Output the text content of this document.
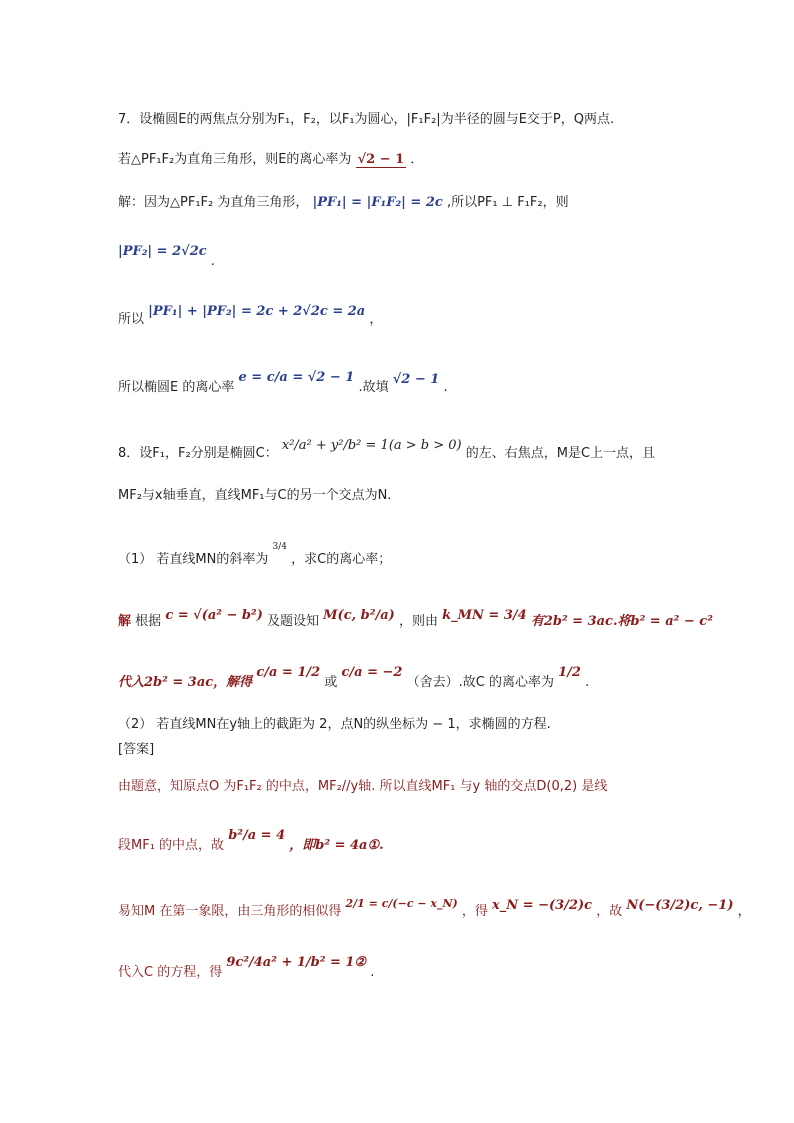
7．设椭圆E的两焦点分别为F₁，F₂，以F₁为圆心，|F₁F₂|为半径的圆与E交于P，Q两点.
若△PF₁F₂为直角三角形，则E的离心率为 √2 − 1 ．
解：因为△PF₁F₂ 为直角三角形， |PF₁| = |F₁F₂| = 2c ,所以PF₁ ⊥ F₁F₂，则
|PF₂| = 2√2c .
所以 |PF₁| + |PF₂| = 2c + 2√2c = 2a ，
所以椭圆E 的离心率 e = c/a = √2 − 1 .故填 √2 − 1 .
8．设F₁，F₂分别是椭圆C： x²/a² + y²/b² = 1(a > b > 0) 的左、右焦点，M是C上一点，且
MF₂与x轴垂直，直线MF₁与C的另一个交点为N.
（1） 若直线MN的斜率为 $^{3/4}$ ，求C的离心率；
解 根据 c = √(a² − b²) 及题设知 M(c, b²/a) ，则由 k_MN = 3/4 有2b² = 3ac.将b² = a² − c²
代入2b² = 3ac，解得 c/a = 1/2 或 c/a = −2 （舍去）.故C 的离心率为 1/2 .
（2） 若直线MN在y轴上的截距为 2，点N的纵坐标为 − 1，求椭圆的方程.
[答案]
由题意，知原点O 为F₁F₂ 的中点，MF₂//y轴. 所以直线MF₁ 与y 轴的交点D(0,2) 是线
段MF₁ 的中点，故 b²/a = 4 ，即b² = 4a①.
易知M 在第一象限，由三角形的相似得 $^{2/1 = c/(-c - x\_N)}$ ，得 x_N = −(3/2)c ，故 N(−(3/2)c, −1) ，
代入C 的方程，得 9c²/4a² + 1/b² = 1② .
